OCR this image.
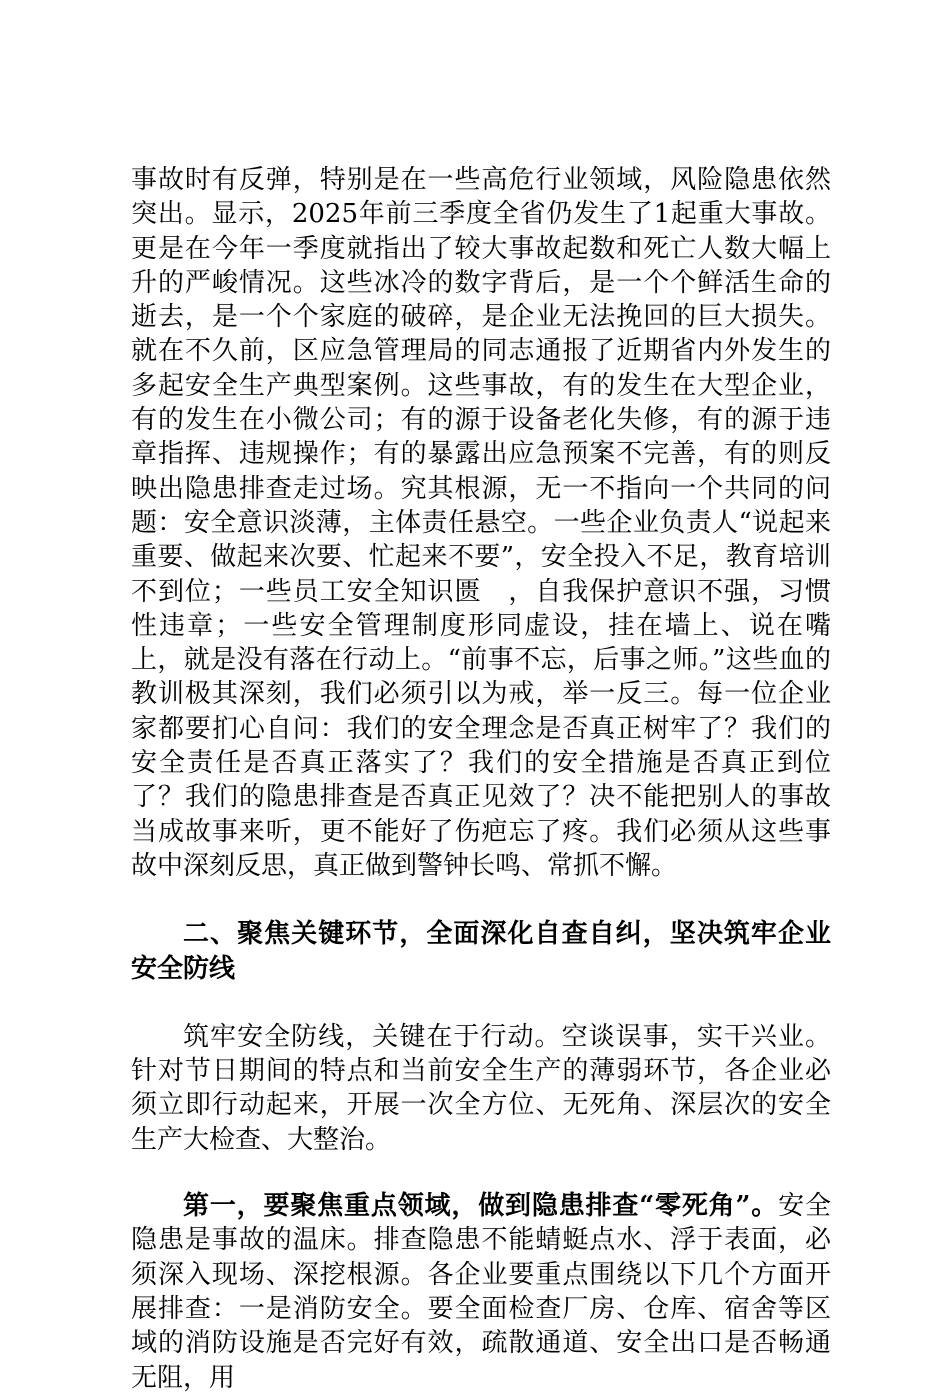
事故时有反弹，特别是在一些高危行业领域，风险隐患依然突出。显示，2025年前三季度全省仍发生了1起重大事故。更是在今年一季度就指出了较大事故起数和死亡人数大幅上升的严峻情况。这些冰冷的数字背后，是一个个鲜活生命的逝去，是一个个家庭的破碎，是企业无法挽回的巨大损失。就在不久前，区应急管理局的同志通报了近期省内外发生的多起安全生产典型案例。这些事故，有的发生在大型企业，有的发生在小微公司；有的源于设备老化失修，有的源于违章指挥、违规操作；有的暴露出应急预案不完善，有的则反映出隐患排查走过场。究其根源，无一不指向一个共同的问题：安全意识淡薄，主体责任悬空。一些企业负责人“说起来重要、做起来次要、忙起来不要”，安全投入不足，教育培训不到位；一些员工安全知识匮　，自我保护意识不强，习惯性违章；一些安全管理制度形同虚设，挂在墙上、说在嘴上，就是没有落在行动上。“前事不忘，后事之师。”这些血的教训极其深刻，我们必须引以为戒，举一反三。每一位企业家都要扪心自问：我们的安全理念是否真正树牢了？我们的安全责任是否真正落实了？我们的安全措施是否真正到位了？我们的隐患排查是否真正见效了？决不能把别人的事故当成故事来听，更不能好了伤疤忘了疼。我们必须从这些事故中深刻反思，真正做到警钟长鸣、常抓不懈。

二、聚焦关键环节，全面深化自查自纠，坚决筑牢企业安全防线

筑牢安全防线，关键在于行动。空谈误事，实干兴业。针对节日期间的特点和当前安全生产的薄弱环节，各企业必须立即行动起来，开展一次全方位、无死角、深层次的安全生产大检查、大整治。

第一，要聚焦重点领域，做到隐患排查“零死角”。安全隐患是事故的温床。排查隐患不能蜻蜓点水、浮于表面，必须深入现场、深挖根源。各企业要重点围绕以下几个方面开展排查：一是消防安全。要全面检查厂房、仓库、宿舍等区域的消防设施是否完好有效，疏散通道、安全出口是否畅通无阻，用
